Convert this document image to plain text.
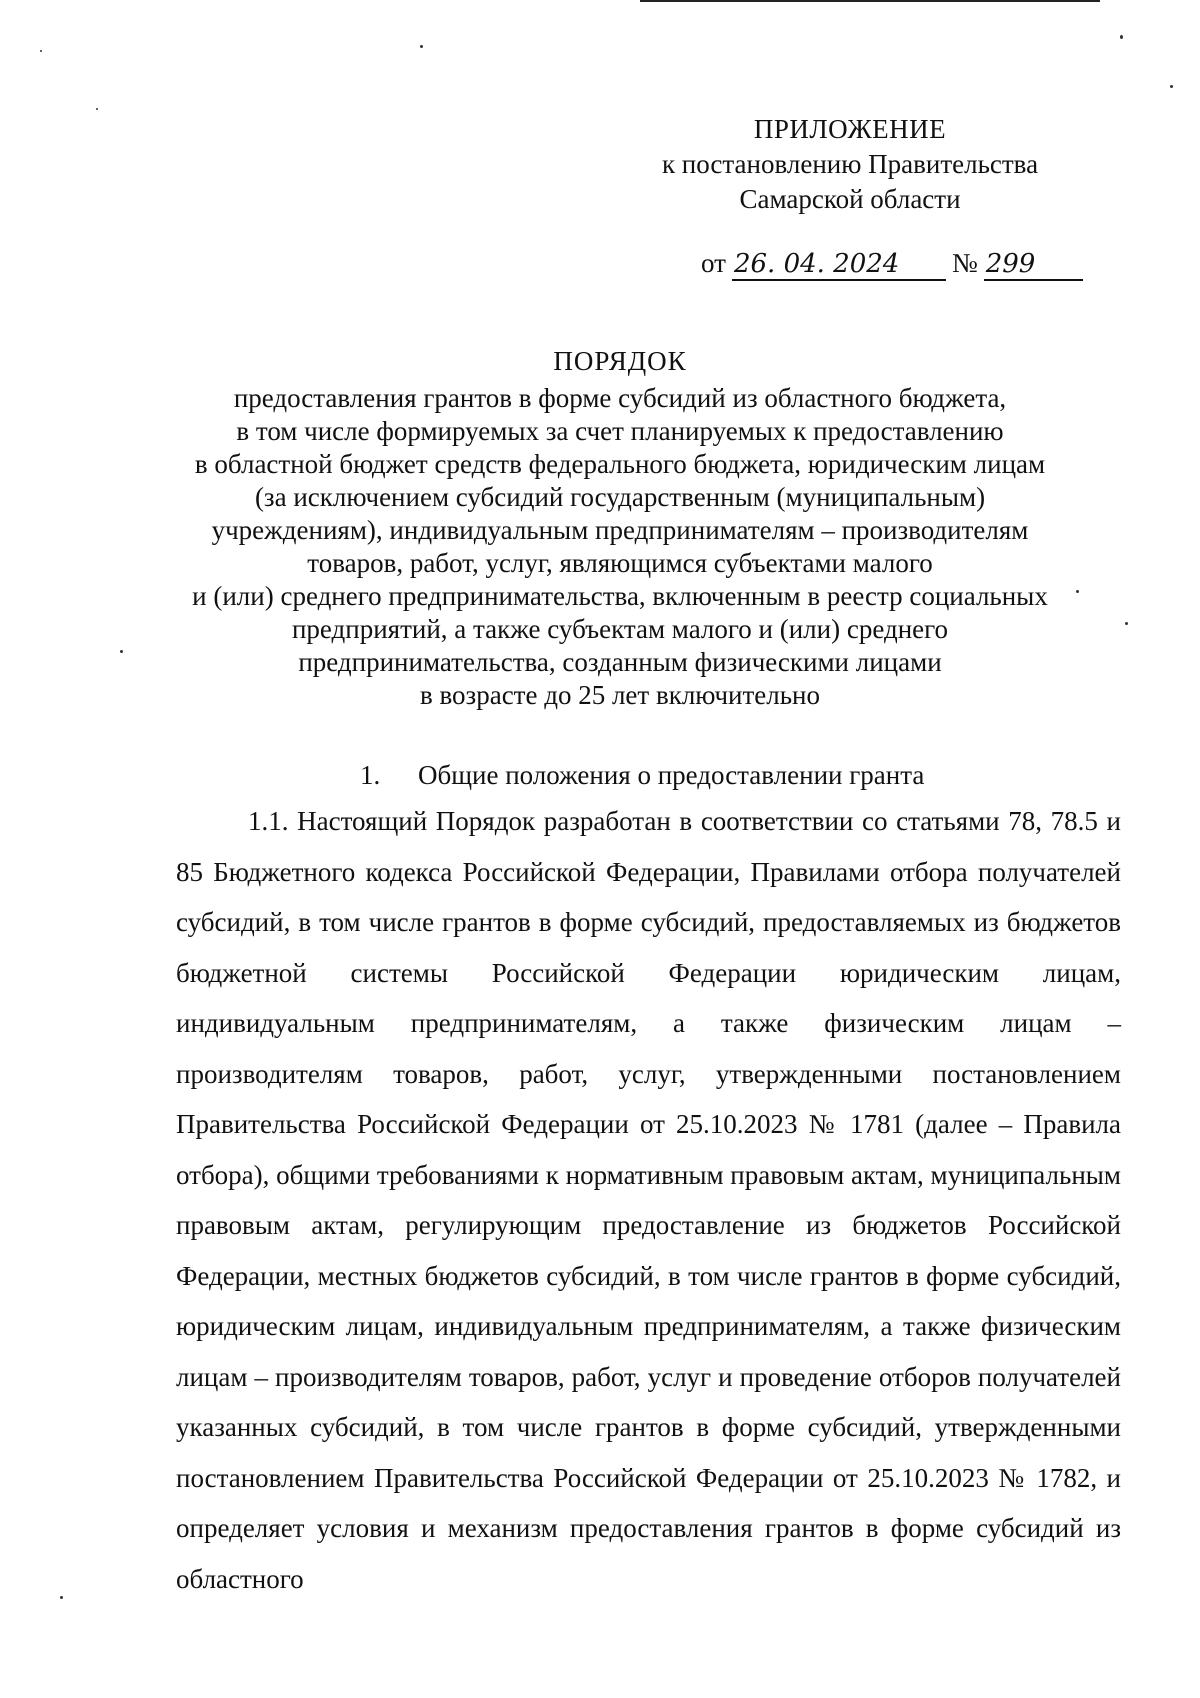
ПРИЛОЖЕНИЕ
к постановлению Правительства
Самарской области
от 26. 04. 2024 № 299
ПОРЯДОК

предоставления грантов в форме субсидий из областного бюджета,

в том числе формируемых за счет планируемых к предоставлению

в областной бюджет средств федерального бюджета, юридическим лицам

(за исключением субсидий государственным (муниципальным)

учреждениям), индивидуальным предпринимателям – производителям

товаров, работ, услуг, являющимся субъектами малого

и (или) среднего предпринимательства, включенным в реестр социальных

предприятий, а также субъектам малого и (или) среднего

предпринимательства, созданным физическими лицами

в возрасте до 25 лет включительно

1. Общие положения о предоставлении гранта

1.1. Настоящий Порядок разработан в соответствии со статьями 78, 78.5 и 85 Бюджетного кодекса Российской Федерации, Правилами отбора получателей субсидий, в том числе грантов в форме субсидий, предоставляемых из бюджетов бюджетной системы Российской Федерации юридическим лицам, индивидуальным предпринимателям, а также физическим лицам – производителям товаров, работ, услуг, утвержденными постановлением Правительства Российской Федерации от 25.10.2023 № 1781 (далее – Правила отбора), общими требованиями к нормативным правовым актам, муниципальным правовым актам, регулирующим предоставление из бюджетов Российской Федерации, местных бюджетов субсидий, в том числе грантов в форме субсидий, юридическим лицам, индивидуальным предпринимателям, а также физическим лицам – производителям товаров, работ, услуг и проведение отборов получателей указанных субсидий, в том числе грантов в форме субсидий, утвержденными постановлением Правительства Российской Федерации от 25.10.2023 № 1782, и определяет условия и механизм предоставления грантов в форме субсидий из областного
